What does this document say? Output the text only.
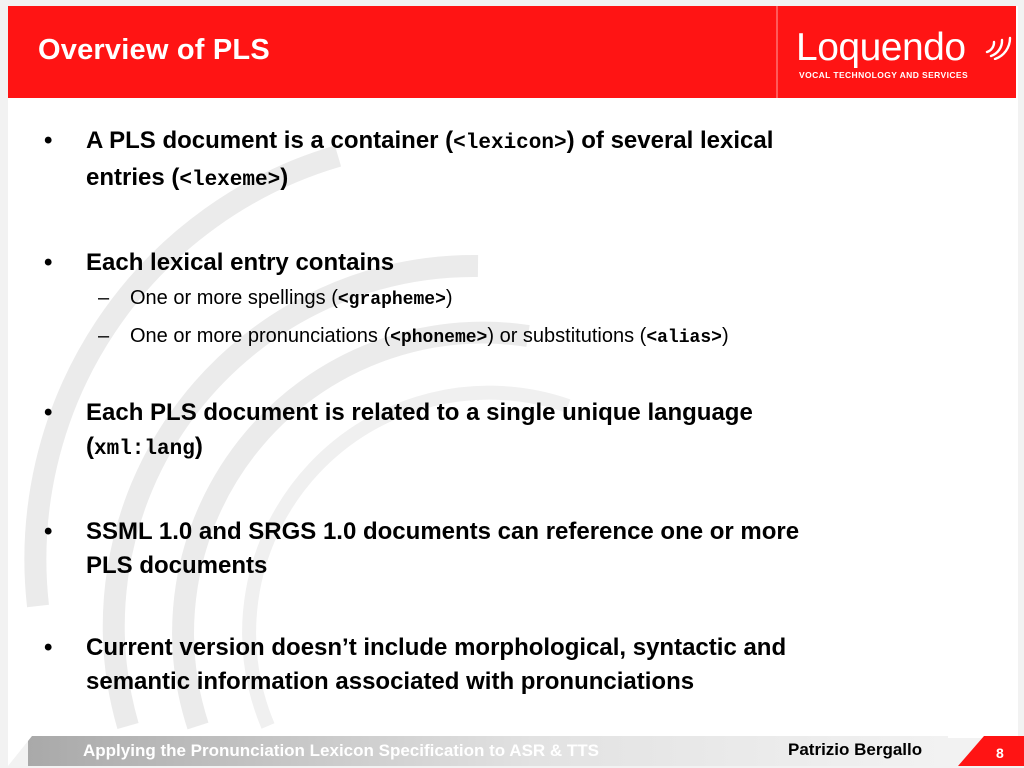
Overview of PLS	Loquendo
VOCAL TECHNOLOGY AND SERVICES
• A PLS document is a container (<lexicon>) of several lexical
entries (<lexeme>)
• Each lexical entry contains
– One or more spellings (<grapheme>)
– One or more pronunciations (<phoneme>) or substitutions (<alias>)
• Each PLS document is related to a single unique language
(xml:lang)
• SSML 1.0 and SRGS 1.0 documents can reference one or more
PLS documents
• Current version doesn’t include morphological, syntactic and
semantic information associated with pronunciations
Applying the Pronunciation Lexicon Specification to ASR & TTS	Patrizio Bergallo	8
